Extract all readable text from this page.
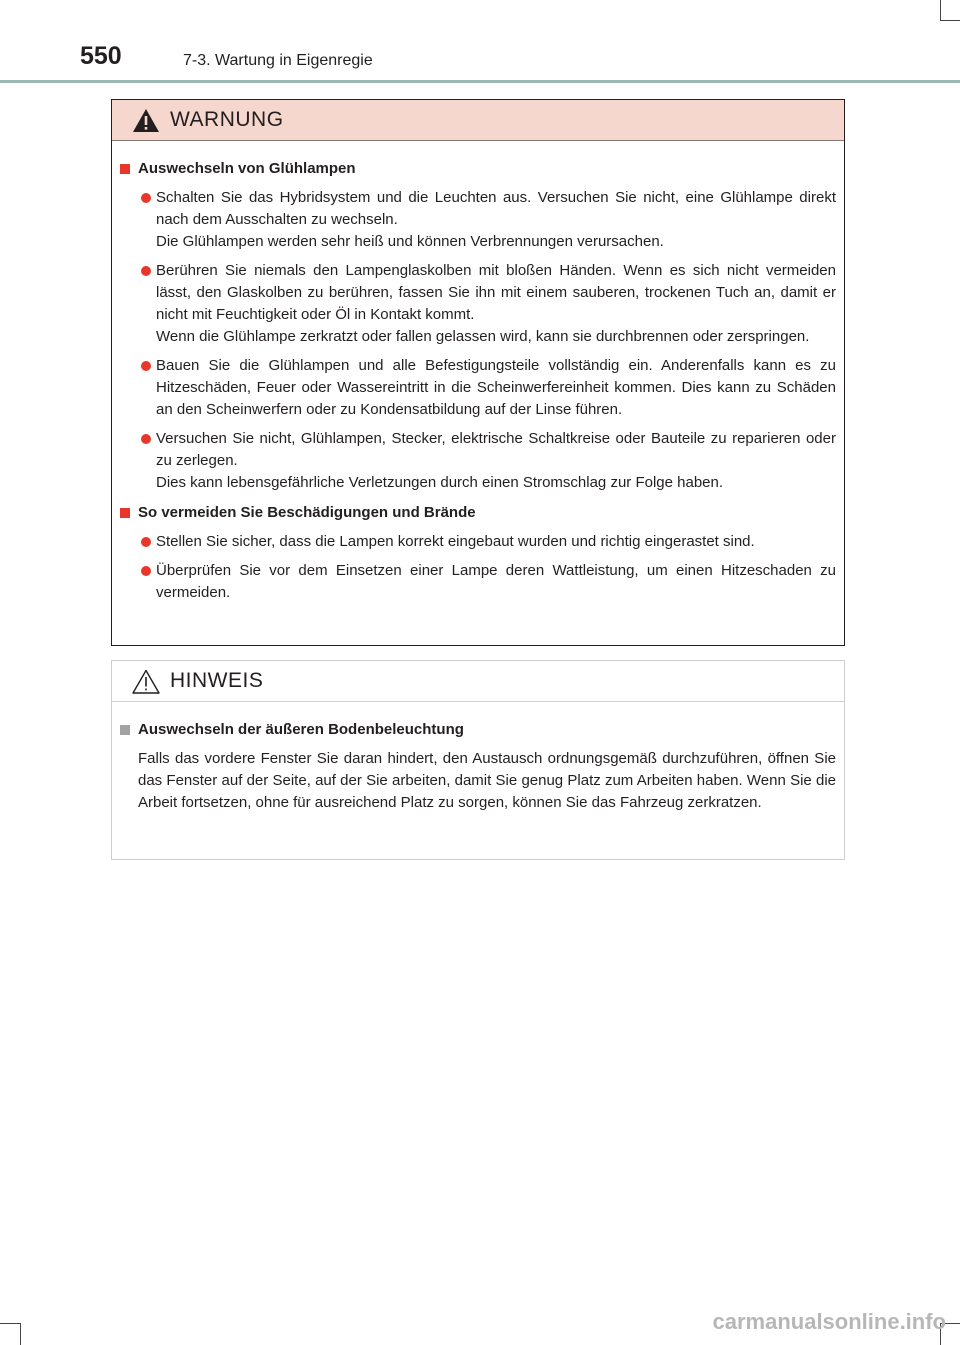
550	7-3. Wartung in Eigenregie
WARNUNG
Auswechseln von Glühlampen

Schalten Sie das Hybridsystem und die Leuchten aus. Versuchen Sie nicht, eine Glühlampe direkt nach dem Ausschalten zu wechseln.

Die Glühlampen werden sehr heiß und können Verbrennungen verursachen.

Berühren Sie niemals den Lampenglaskolben mit bloßen Händen. Wenn es sich nicht vermeiden lässt, den Glaskolben zu berühren, fassen Sie ihn mit einem sauberen, trockenen Tuch an, damit er nicht mit Feuchtigkeit oder Öl in Kontakt kommt.

Wenn die Glühlampe zerkratzt oder fallen gelassen wird, kann sie durchbrennen oder zerspringen.

Bauen Sie die Glühlampen und alle Befestigungsteile vollständig ein. Anderenfalls kann es zu Hitzeschäden, Feuer oder Wassereintritt in die Scheinwerfereinheit kommen. Dies kann zu Schäden an den Scheinwerfern oder zu Kondensatbildung auf der Linse führen.

Versuchen Sie nicht, Glühlampen, Stecker, elektrische Schaltkreise oder Bauteile zu reparieren oder zu zerlegen.

Dies kann lebensgefährliche Verletzungen durch einen Stromschlag zur Folge haben.

So vermeiden Sie Beschädigungen und Brände

Stellen Sie sicher, dass die Lampen korrekt eingebaut wurden und richtig eingerastet sind.

Überprüfen Sie vor dem Einsetzen einer Lampe deren Wattleistung, um einen Hitzeschaden zu vermeiden.

HINWEIS
Auswechseln der äußeren Bodenbeleuchtung

Falls das vordere Fenster Sie daran hindert, den Austausch ordnungsgemäß durchzuführen, öffnen Sie das Fenster auf der Seite, auf der Sie arbeiten, damit Sie genug Platz zum Arbeiten haben. Wenn Sie die Arbeit fortsetzen, ohne für ausreichend Platz zu sorgen, können Sie das Fahrzeug zerkratzen.

carmanualsonline.info
